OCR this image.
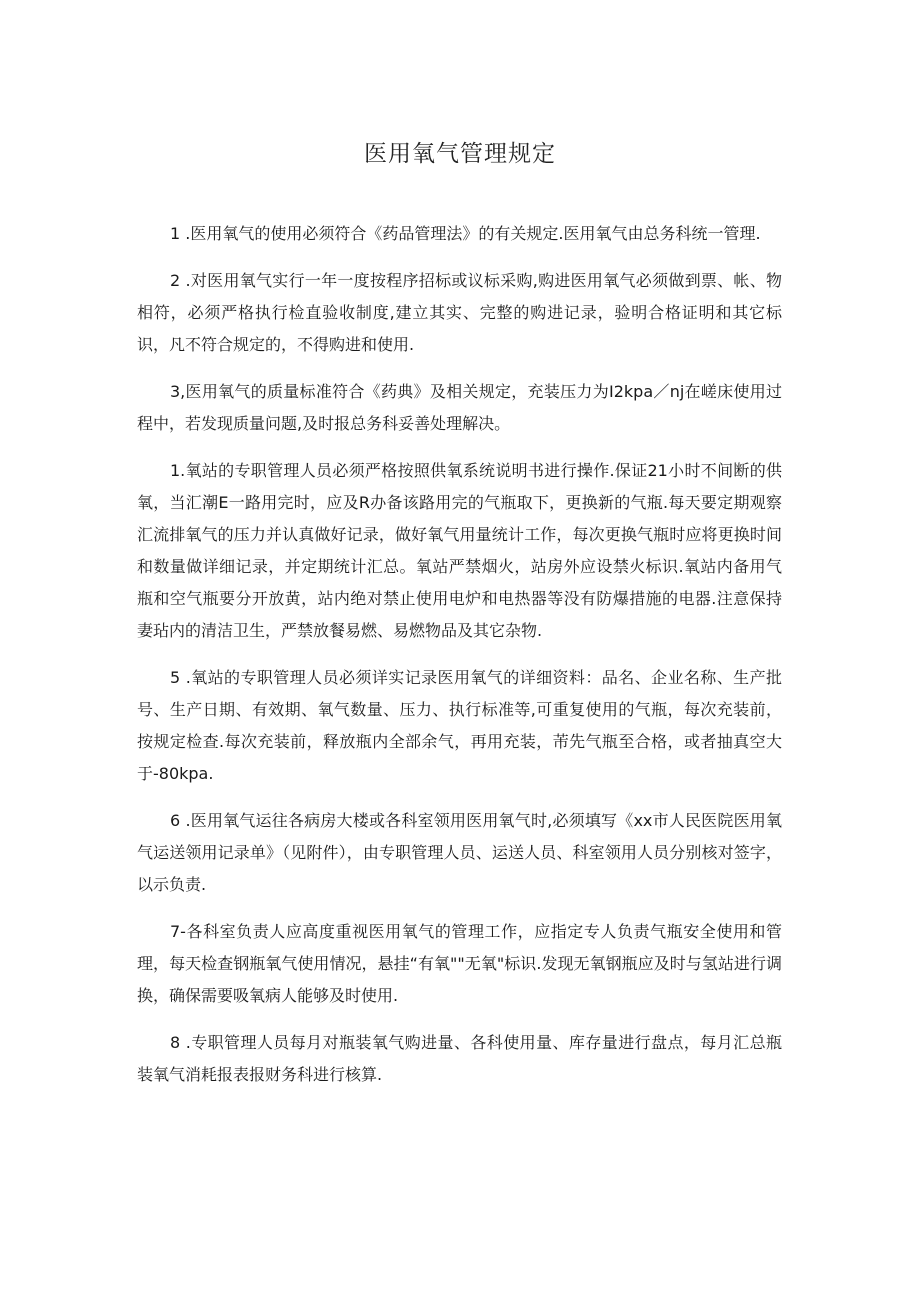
医用氧气管理规定

1 .医用氧气的使用必须符合《药品管理法》的有关规定.医用氧气由总务科统一管理.

2 .对医用氧气实行一年一度按程序招标或议标采购,购进医用氧气必须做到票、帐、物相符，必须严格执行检直验收制度,建立其实、完整的购进记录，验明合格证明和其它标识，凡不符合规定的，不得购进和使用.

3,医用氧气的质量标准符合《药典》及相关规定，充装压力为I2kpa／nj在嵯床使用过程中，若发现质量问题,及时报总务科妥善处理解决。

1.氧站的专职管理人员必须严格按照供氧系统说明书进行操作.保证21小时不间断的供氧，当汇潮E一路用完时，应及R办备该路用完的气瓶取下，更换新的气瓶.每天要定期观察汇流排氧气的压力并认真做好记录，做好氧气用量统计工作，每次更换气瓶时应将更换时间和数量做详细记录，并定期统计汇总。氧站严禁烟火，站房外应设禁火标识.氧站内备用气瓶和空气瓶要分开放黄，站内绝对禁止使用电炉和电热器等没有防爆措施的电器.注意保持妻玷内的清洁卫生，严禁放餐易燃、易燃物品及其它杂物.

5 .氧站的专职管理人员必须详实记录医用氧气的详细资料：品名、企业名称、生产批号、生产日期、有效期、氧气数量、压力、执行标准等,可重复使用的气瓶，每次充装前，按规定检查.每次充装前，释放瓶内全部余气，再用充装，芾先气瓶至合格，或者抽真空大于-80kpa.

6 .医用氧气运往各病房大楼或各科室领用医用氧气时,必须填写《xx市人民医院医用氧气运送领用记录单》（见附件），由专职管理人员、运送人员、科室领用人员分别核对签字，以示负责.

7-各科室负责人应高度重视医用氧气的管理工作，应指定专人负责气瓶安全使用和管理，每天检查钢瓶氧气使用情况，悬挂“有氧""无氧"标识.发现无氧钢瓶应及时与氢站进行调换，确保需要吸氧病人能够及时使用.

8 .专职管理人员每月对瓶装氧气购进量、各科使用量、库存量进行盘点，每月汇总瓶装氧气消耗报表报财务科进行核算.
